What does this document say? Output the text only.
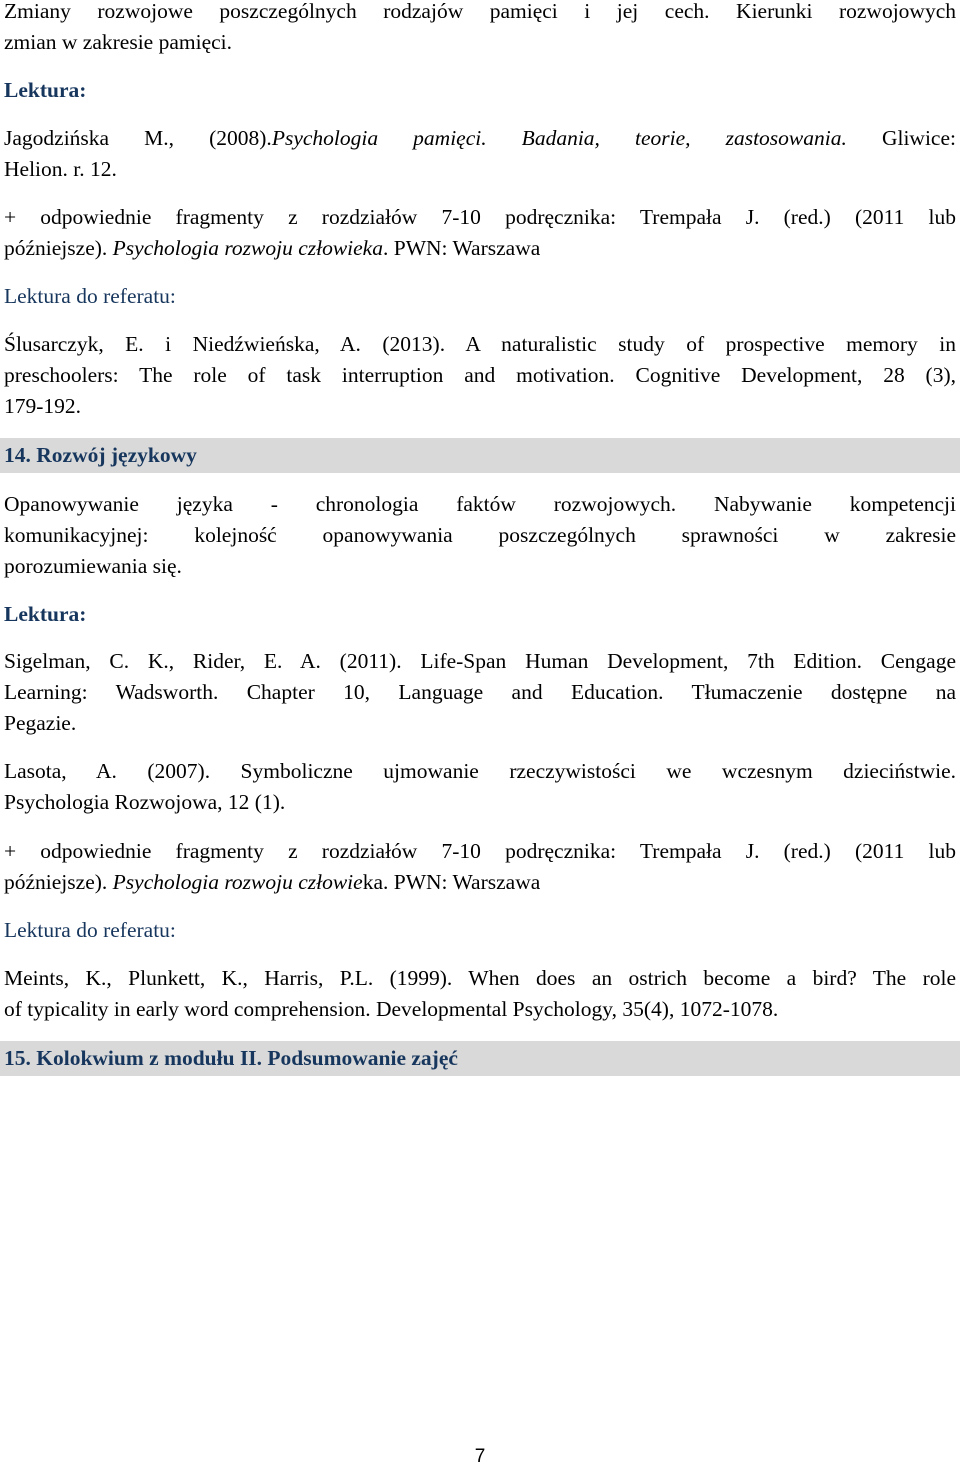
Zmiany rozwojowe poszczególnych rodzajów pamięci i jej cech. Kierunki rozwojowych
zmian w zakresie pamięci.

Lektura:

Jagodzińska M., (2008).Psychologia pamięci. Badania, teorie, zastosowania. Gliwice:
Helion. r. 12.
+ odpowiednie fragmenty z rozdziałów 7-10 podręcznika: Trempała J. (red.) (2011 lub
późniejsze). Psychologia rozwoju człowieka. PWN: Warszawa

Lektura do referatu:

Ślusarczyk, E. i Niedźwieńska, A. (2013). A naturalistic study of prospective memory in
preschoolers: The role of task interruption and motivation. Cognitive Development, 28 (3),
179-192.
14. Rozwój językowy
Opanowywanie języka - chronologia faktów rozwojowych. Nabywanie kompetencji
komunikacyjnej: kolejność opanowywania poszczególnych sprawności w zakresie
porozumiewania się.

Lektura:

Sigelman, C. K., Rider, E. A. (2011). Life-Span Human Development, 7th Edition. Cengage
Learning: Wadsworth. Chapter 10, Language and Education. Tłumaczenie dostępne na
Pegazie.
Lasota, A. (2007). Symboliczne ujmowanie rzeczywistości we wczesnym dzieciństwie.
Psychologia Rozwojowa, 12 (1).
+ odpowiednie fragmenty z rozdziałów 7-10 podręcznika: Trempała J. (red.) (2011 lub
późniejsze). Psychologia rozwoju człowieka. PWN: Warszawa

Lektura do referatu:

Meints, K., Plunkett, K., Harris, P.L. (1999). When does an ostrich become a bird? The role
of typicality in early word comprehension. Developmental Psychology, 35(4), 1072-1078.
15. Kolokwium z modułu II. Podsumowanie zajęć
7
